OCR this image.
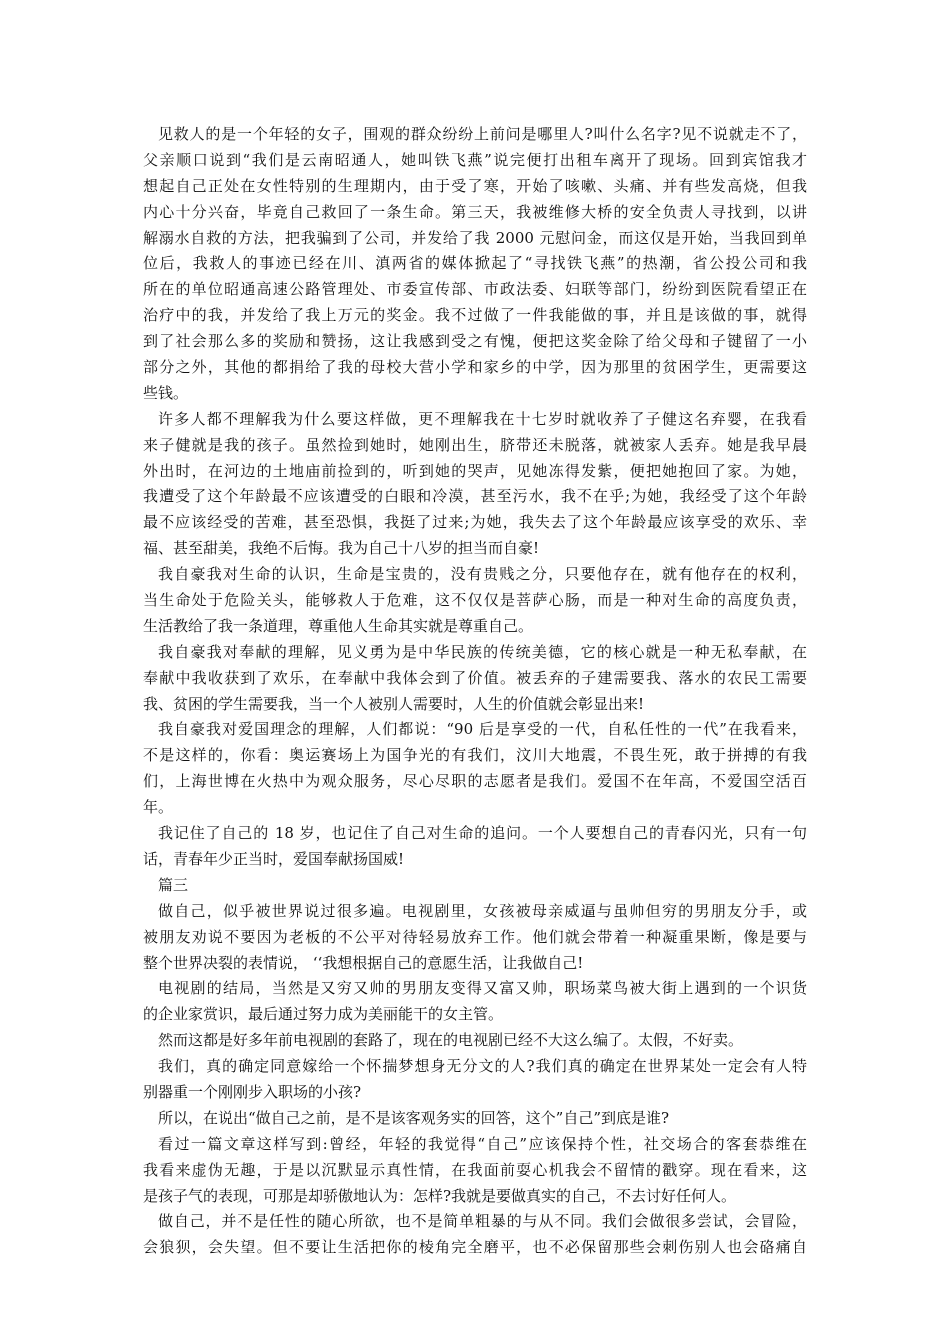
见救人的是一个年轻的女子，围观的群众纷纷上前问是哪里人?叫什么名字?见不说就走不了，
父亲顺口说到“我们是云南昭通人，她叫铁飞燕”说完便打出租车离开了现场。回到宾馆我才
想起自己正处在女性特别的生理期内，由于受了寒，开始了咳嗽、头痛、并有些发高烧，但我
内心十分兴奋，毕竟自己救回了一条生命。第三天，我被维修大桥的安全负责人寻找到，以讲
解溺水自救的方法，把我骗到了公司，并发给了我 2000 元慰问金，而这仅是开始，当我回到单
位后，我救人的事迹已经在川、滇两省的媒体掀起了“寻找铁飞燕”的热潮，省公投公司和我
所在的单位昭通高速公路管理处、市委宣传部、市政法委、妇联等部门，纷纷到医院看望正在
治疗中的我，并发给了我上万元的奖金。我不过做了一件我能做的事，并且是该做的事，就得
到了社会那么多的奖励和赞扬，这让我感到受之有愧，便把这奖金除了给父母和子键留了一小
部分之外，其他的都捐给了我的母校大营小学和家乡的中学，因为那里的贫困学生，更需要这
些钱。
许多人都不理解我为什么要这样做，更不理解我在十七岁时就收养了子健这名弃婴，在我看
来子健就是我的孩子。虽然捡到她时，她刚出生，脐带还未脱落，就被家人丢弃。她是我早晨
外出时，在河边的土地庙前捡到的，听到她的哭声，见她冻得发紫，便把她抱回了家。为她，
我遭受了这个年龄最不应该遭受的白眼和冷漠，甚至污水，我不在乎;为她，我经受了这个年龄
最不应该经受的苦难，甚至恐惧，我挺了过来;为她，我失去了这个年龄最应该享受的欢乐、幸
福、甚至甜美，我绝不后悔。我为自己十八岁的担当而自豪!
我自豪我对生命的认识，生命是宝贵的，没有贵贱之分，只要他存在，就有他存在的权利，
当生命处于危险关头，能够救人于危难，这不仅仅是菩萨心肠，而是一种对生命的高度负责，
生活教给了我一条道理，尊重他人生命其实就是尊重自己。
我自豪我对奉献的理解，见义勇为是中华民族的传统美德，它的核心就是一种无私奉献，在
奉献中我收获到了欢乐，在奉献中我体会到了价值。被丢弃的子建需要我、落水的农民工需要
我、贫困的学生需要我，当一个人被别人需要时，人生的价值就会彰显出来!
我自豪我对爱国理念的理解，人们都说：“90 后是享受的一代，自私任性的一代”在我看来，
不是这样的，你看：奥运赛场上为国争光的有我们，汶川大地震，不畏生死，敢于拼搏的有我
们，上海世博在火热中为观众服务，尽心尽职的志愿者是我们。爱国不在年高，不爱国空活百
年。
我记住了自己的 18 岁，也记住了自己对生命的追问。一个人要想自己的青春闪光，只有一句
话，青春年少正当时，爱国奉献扬国威!
篇三
做自己，似乎被世界说过很多遍。电视剧里，女孩被母亲威逼与虽帅但穷的男朋友分手，或
被朋友劝说不要因为老板的不公平对待轻易放弃工作。他们就会带着一种凝重果断，像是要与
整个世界决裂的表情说， ‘‘我想根据自己的意愿生活，让我做自己!
电视剧的结局，当然是又穷又帅的男朋友变得又富又帅，职场菜鸟被大街上遇到的一个识货
的企业家赏识，最后通过努力成为美丽能干的女主管。
然而这都是好多年前电视剧的套路了，现在的电视剧已经不大这么编了。太假，不好卖。
我们，真的确定同意嫁给一个怀揣梦想身无分文的人?我们真的确定在世界某处一定会有人特
别器重一个刚刚步入职场的小孩?
所以，在说出“做自己之前，是不是该客观务实的回答，这个”自己”到底是谁?
看过一篇文章这样写到:曾经，年轻的我觉得“自己”应该保持个性，社交场合的客套恭维在
我看来虚伪无趣，于是以沉默显示真性情，在我面前耍心机我会不留情的戳穿。现在看来，这
是孩子气的表现，可那是却骄傲地认为：怎样?我就是要做真实的自己，不去讨好任何人。
做自己，并不是任性的随心所欲，也不是简单粗暴的与从不同。我们会做很多尝试，会冒险，
会狼狈，会失望。但不要让生活把你的棱角完全磨平，也不必保留那些会刺伤别人也会硌痛自
